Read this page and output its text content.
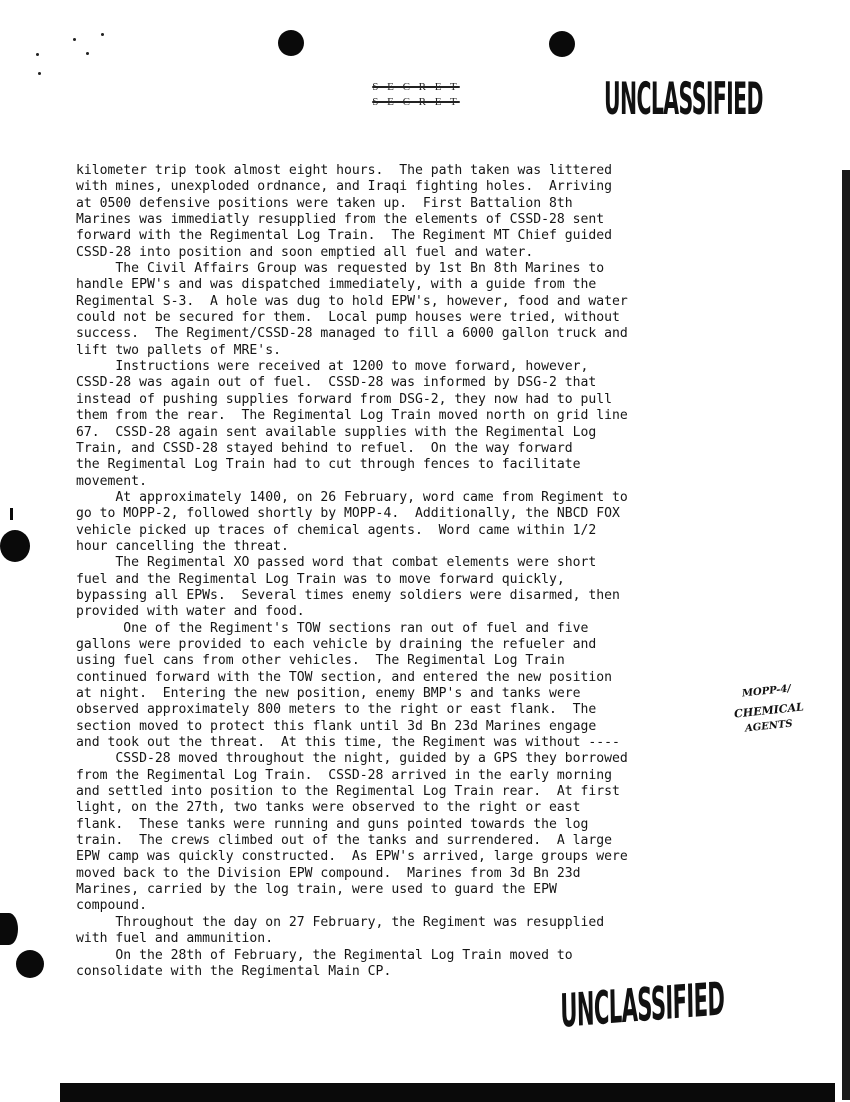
S E C R E T
S E C R E T	UNCLASSIFIED
kilometer trip took almost eight hours.  The path taken was littered
with mines, unexploded ordnance, and Iraqi fighting holes.  Arriving
at 0500 defensive positions were taken up.  First Battalion 8th
Marines was immediatly resupplied from the elements of CSSD-28 sent
forward with the Regimental Log Train.  The Regiment MT Chief guided
CSSD-28 into position and soon emptied all fuel and water.
The Civil Affairs Group was requested by 1st Bn 8th Marines to
handle EPW's and was dispatched immediately, with a guide from the
Regimental S-3.  A hole was dug to hold EPW's, however, food and water
could not be secured for them.  Local pump houses were tried, without
success.  The Regiment/CSSD-28 managed to fill a 6000 gallon truck and
lift two pallets of MRE's.
Instructions were received at 1200 to move forward, however,
CSSD-28 was again out of fuel.  CSSD-28 was informed by DSG-2 that
instead of pushing supplies forward from DSG-2, they now had to pull
them from the rear.  The Regimental Log Train moved north on grid line
67.  CSSD-28 again sent available supplies with the Regimental Log
Train, and CSSD-28 stayed behind to refuel.  On the way forward
the Regimental Log Train had to cut through fences to facilitate
movement.
At approximately 1400, on 26 February, word came from Regiment to
go to MOPP-2, followed shortly by MOPP-4.  Additionally, the NBCD FOX
vehicle picked up traces of chemical agents.  Word came within 1/2
hour cancelling the threat.
The Regimental XO passed word that combat elements were short
fuel and the Regimental Log Train was to move forward quickly,
bypassing all EPWs.  Several times enemy soldiers were disarmed, then
provided with water and food.
One of the Regiment's TOW sections ran out of fuel and five
gallons were provided to each vehicle by draining the refueler and
using fuel cans from other vehicles.  The Regimental Log Train
continued forward with the TOW section, and entered the new position
at night.  Entering the new position, enemy BMP's and tanks were
observed approximately 800 meters to the right or east flank.  The
section moved to protect this flank until 3d Bn 23d Marines engage
and took out the threat.  At this time, the Regiment was without ----
CSSD-28 moved throughout the night, guided by a GPS they borrowed
from the Regimental Log Train.  CSSD-28 arrived in the early morning
and settled into position to the Regimental Log Train rear.  At first
light, on the 27th, two tanks were observed to the right or east
flank.  These tanks were running and guns pointed towards the log
train.  The crews climbed out of the tanks and surrendered.  A large
EPW camp was quickly constructed.  As EPW's arrived, large groups were
moved back to the Division EPW compound.  Marines from 3d Bn 23d
Marines, carried by the log train, were used to guard the EPW
compound.
Throughout the day on 27 February, the Regiment was resupplied
with fuel and ammunition.
On the 28th of February, the Regimental Log Train moved to
consolidate with the Regimental Main CP.
MOPP-4/
CHEMICAL
AGENTS
UNCLASSIFIED
